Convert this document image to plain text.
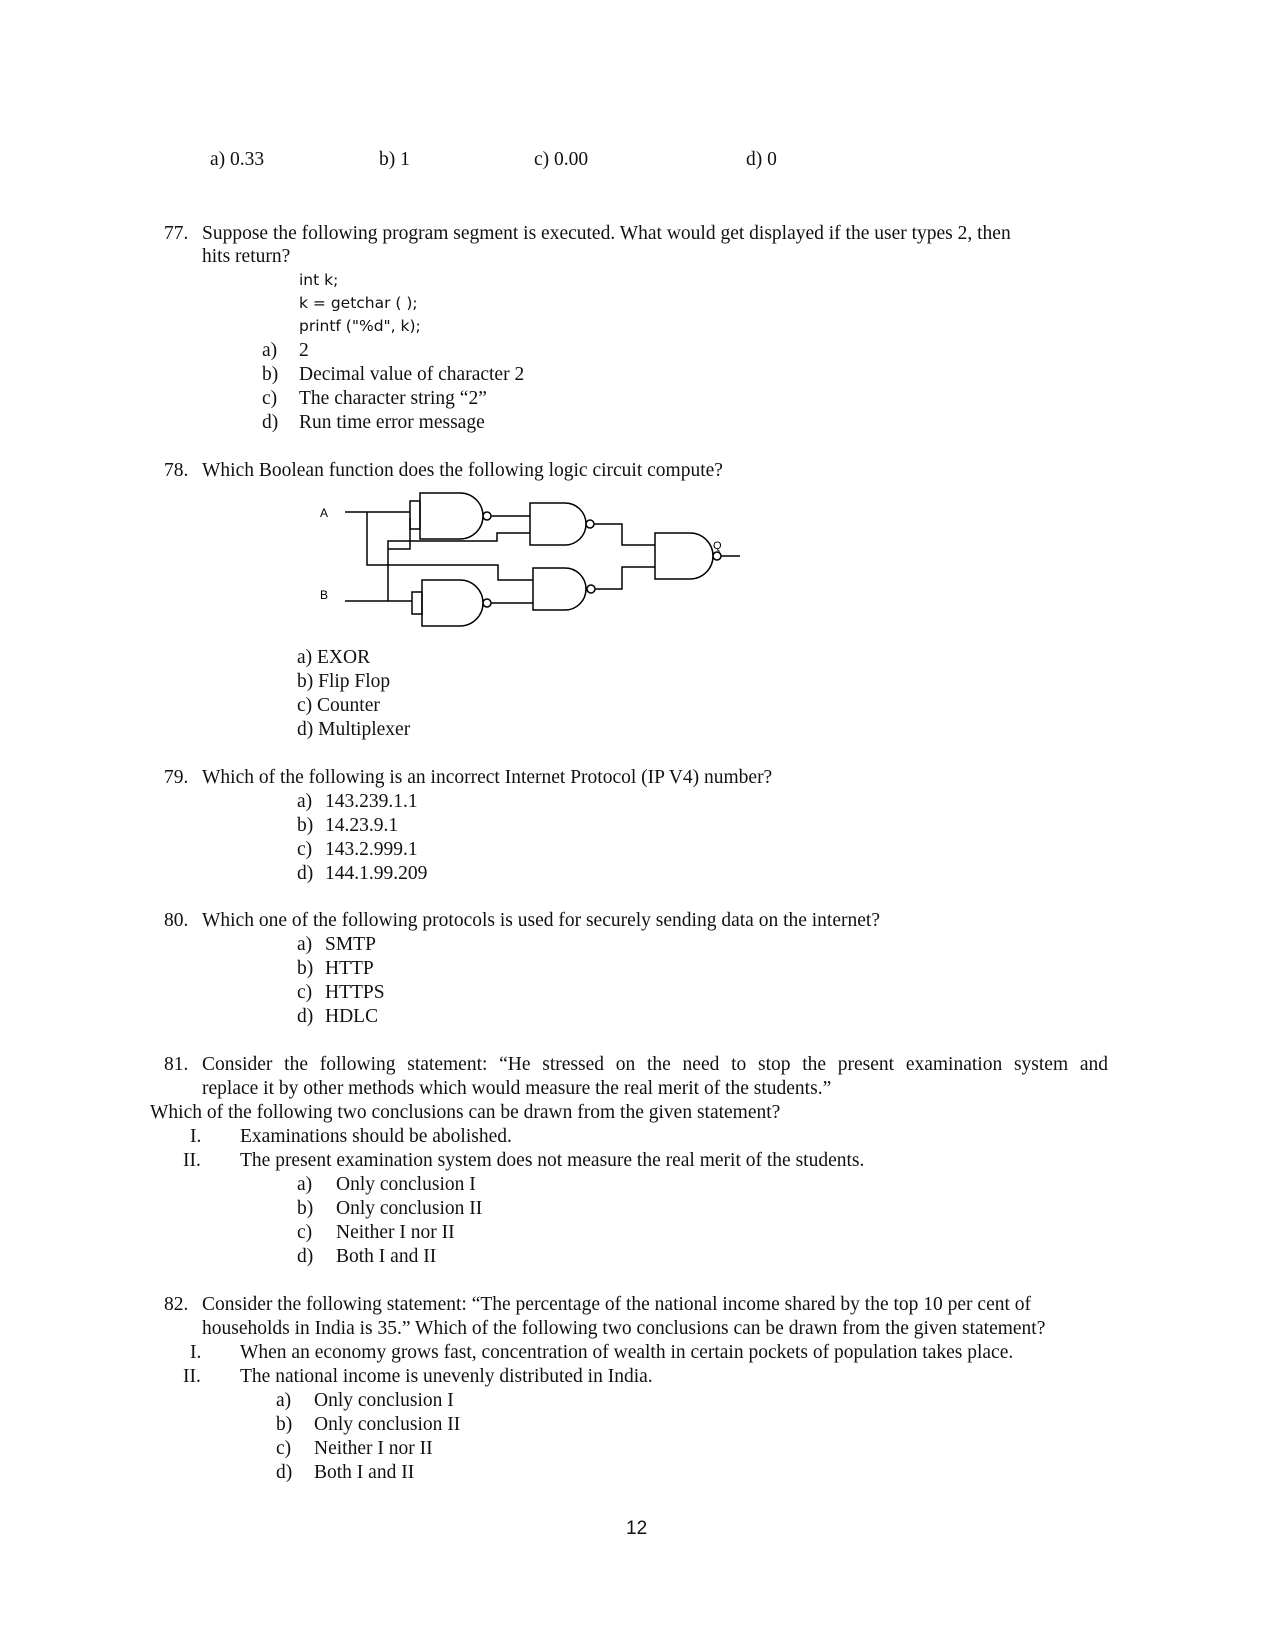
a) 0.33	b) 1	c) 0.00	d) 0
77. Suppose the following program segment is executed. What would get displayed if the user types 2, then
hits return?
int k;
k = getchar ( );
printf ("%d", k);
a) 2
b) Decimal value of character 2
c) The character string “2”
d) Run time error message
78. Which Boolean function does the following logic circuit compute?
A
B
Q
a) EXOR
b) Flip Flop
c) Counter
d) Multiplexer
79. Which of the following is an incorrect Internet Protocol (IP V4) number?
a) 143.239.1.1
b) 14.23.9.1
c) 143.2.999.1
d) 144.1.99.209
80. Which one of the following protocols is used for securely sending data on the internet?
a) SMTP
b) HTTP
c) HTTPS
d) HDLC
81. Consider the following statement: “He stressed on the need to stop the present examination system and
replace it by other methods which would measure the real merit of the students.”
Which of the following two conclusions can be drawn from the given statement?
I. Examinations should be abolished.
II. The present examination system does not measure the real merit of the students.
a) Only conclusion I
b) Only conclusion II
c) Neither I nor II
d) Both I and II
82. Consider the following statement: “The percentage of the national income shared by the top 10 per cent of
households in India is 35.” Which of the following two conclusions can be drawn from the given statement?
I. When an economy grows fast, concentration of wealth in certain pockets of population takes place.
II. The national income is unevenly distributed in India.
a) Only conclusion I
b) Only conclusion II
c) Neither I nor II
d) Both I and II
12
